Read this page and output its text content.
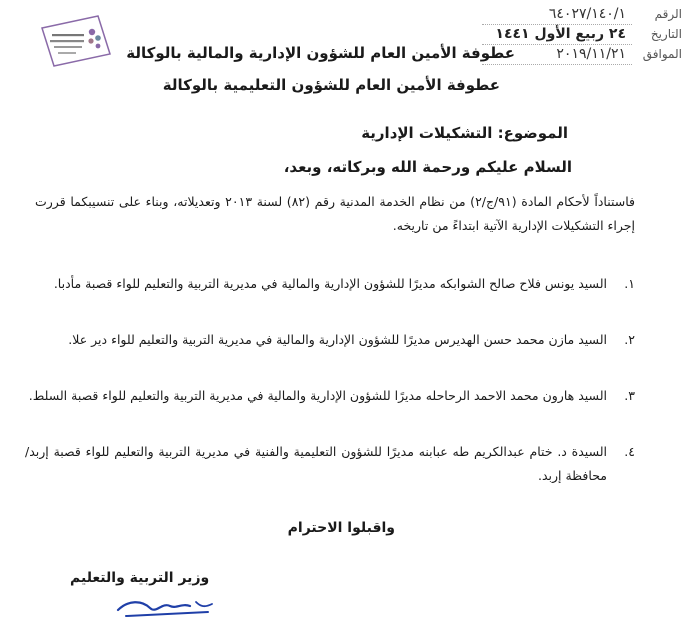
الرقم
٦٤٠٢٧/١٤٠/١
التاريخ
٢٤ ربيع الأول ١٤٤١
الموافق
٢٠١٩/١١/٢١
عطوفة الأمين العام للشؤون الإدارية والمالية بالوكالة
عطوفة الأمين العام للشؤون التعليمية بالوكالة
الموضوع: التشكيلات الإدارية
السلام عليكم ورحمة الله وبركاته، وبعد،
فاستناداً لأحكام المادة (٩١/ج/٢) من نظام الخدمة المدنية رقم (٨٢) لسنة ٢٠١٣ وتعديلاته، وبناء على تنسيبكما قررت إجراء التشكيلات الإدارية الآتية ابتداءً من تاريخه.
١.
السيد يونس فلاح صالح الشوابكه مديرًا للشؤون الإدارية والمالية في مديرية التربية والتعليم للواء قصبة مأدبا.
٢.
السيد مازن محمد حسن الهديرس مديرًا للشؤون الإدارية والمالية في مديرية التربية والتعليم للواء دير علا.
٣.
السيد هارون محمد الاحمد الرحاحله مديرًا للشؤون الإدارية والمالية في مديرية التربية والتعليم للواء قصبة السلط.
٤.
السيدة د. ختام عبدالكريم طه عبابنه مديرًا للشؤون التعليمية والفنية في مديرية التربية والتعليم للواء قصبة إربد/محافظة إربد.
واقبلوا الاحترام
وزير التربية والتعليم
